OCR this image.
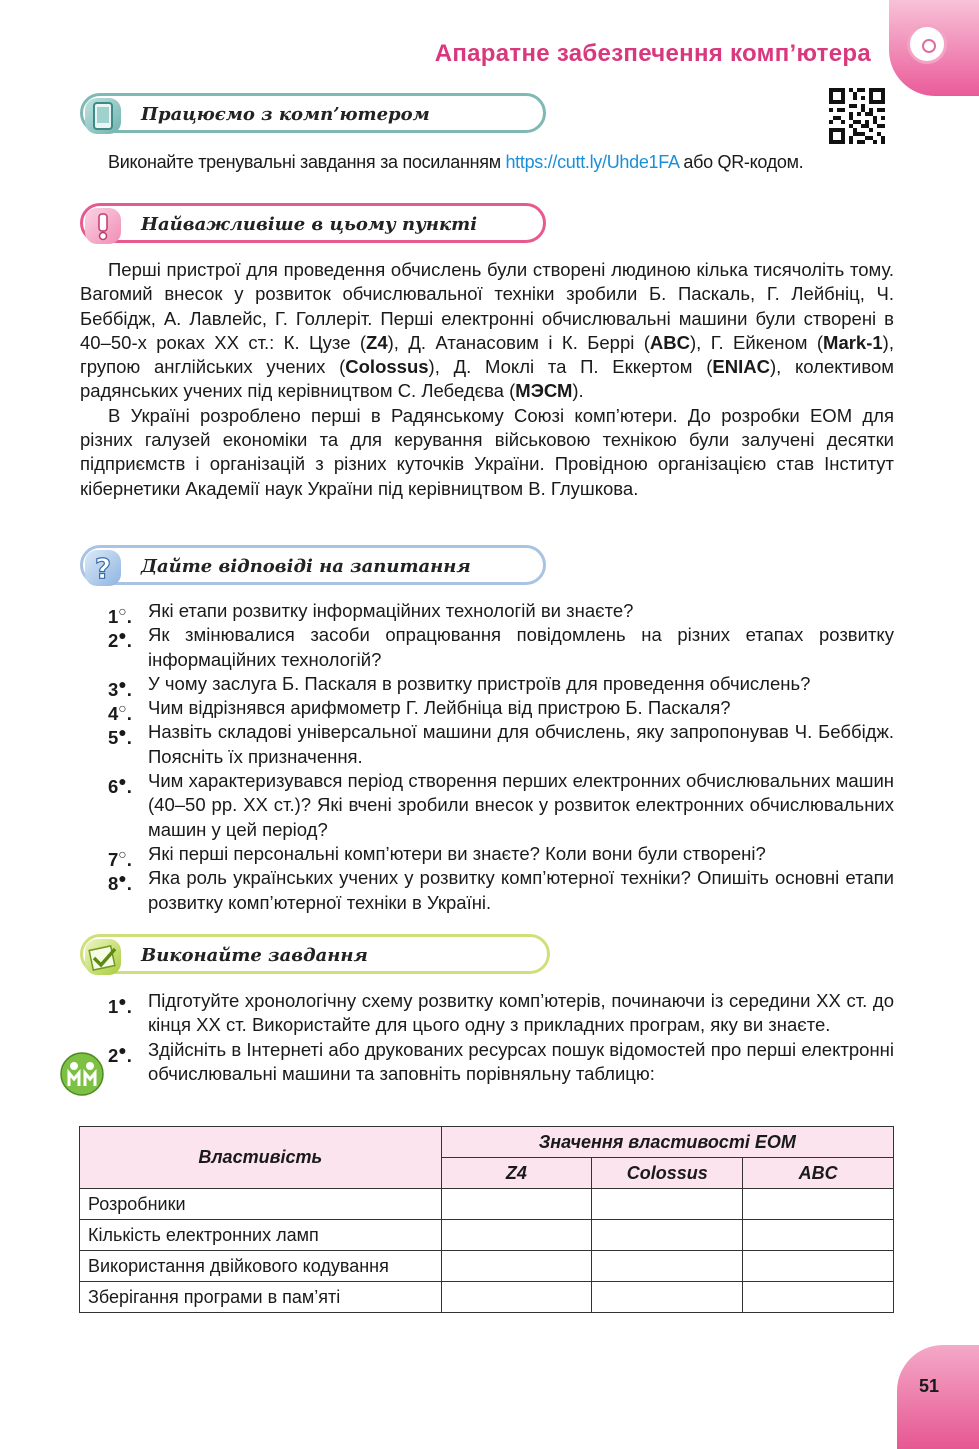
Апаратне забезпечення комп’ютера
Працюємо з комп’ютером
Виконайте тренувальні завдання за посиланням https://cutt.ly/Uhde1FA або QR-кодом.
Найважливіше в цьому пункті

Перші пристрої для проведення обчислень були створені людиною кілька тисячоліть тому. Вагомий внесок у розвиток обчислювальної техніки зробили Б. Паскаль, Г. Лейбніц, Ч. Беббідж, А. Лавлейс, Г. Голлеріт. Перші електронні обчислювальні машини були створені в 40–50-х роках XX ст.: К. Цузе (Z4), Д. Атанасовим і К. Беррі (ABC), Г. Ейкеном (Mark-1), групою англійських учених (Colossus), Д. Моклі та П. Еккертом (ENIAC), колективом радянських учених під керівництвом С. Лебедєва (МЭСМ).

В Україні розроблено перші в Радянському Союзі комп’ютери. До розробки ЕОМ для різних галузей економіки та для керування військовою технікою були залучені десятки підприємств і організацій з різних куточків України. Провідною організацією став Інститут кібернетики Академії наук України під керівництвом В. Глушкова.

? Дайте відповіді на запитання
1○. Які етапи розвитку інформаційних технологій ви знаєте?
2●. Як змінювалися засоби опрацювання повідомлень на різних етапах розвитку інформаційних технологій?
3●. У чому заслуга Б. Паскаля в розвитку пристроїв для проведення обчислень?
4○. Чим відрізнявся арифмометр Г. Лейбніца від пристрою Б. Паскаля?
5●. Назвіть складові універсальної машини для обчислень, яку запропонував Ч. Беббідж. Поясніть їх призначення.
6●. Чим характеризувався період створення перших електронних обчислювальних машин (40–50 рр. XX ст.)? Які вчені зробили внесок у розвиток електронних обчислювальних машин у цей період?
7○. Які перші персональні комп’ютери ви знаєте? Коли вони були створені?
8●. Яка роль українських учених у розвитку комп’ютерної техніки? Опишіть основні етапи розвитку комп’ютерної техніки в Україні.
Виконайте завдання
1●. Підготуйте хронологічну схему розвитку комп’ютерів, починаючи із середини XX ст. до кінця XX ст. Використайте для цього одну з прикладних програм, яку ви знаєте.
2●. Здійсніть в Інтернеті або друкованих ресурсах пошук відомостей про перші електронні обчислювальні машини та заповніть порівняльну таблицю:
Властивість	Значення властивості ЕОМ		
	Z4	Colossus	ABC
Розробники			
Кількість електронних ламп			
Використання двійкового кодування			
Зберігання програми в пам’яті			
51
